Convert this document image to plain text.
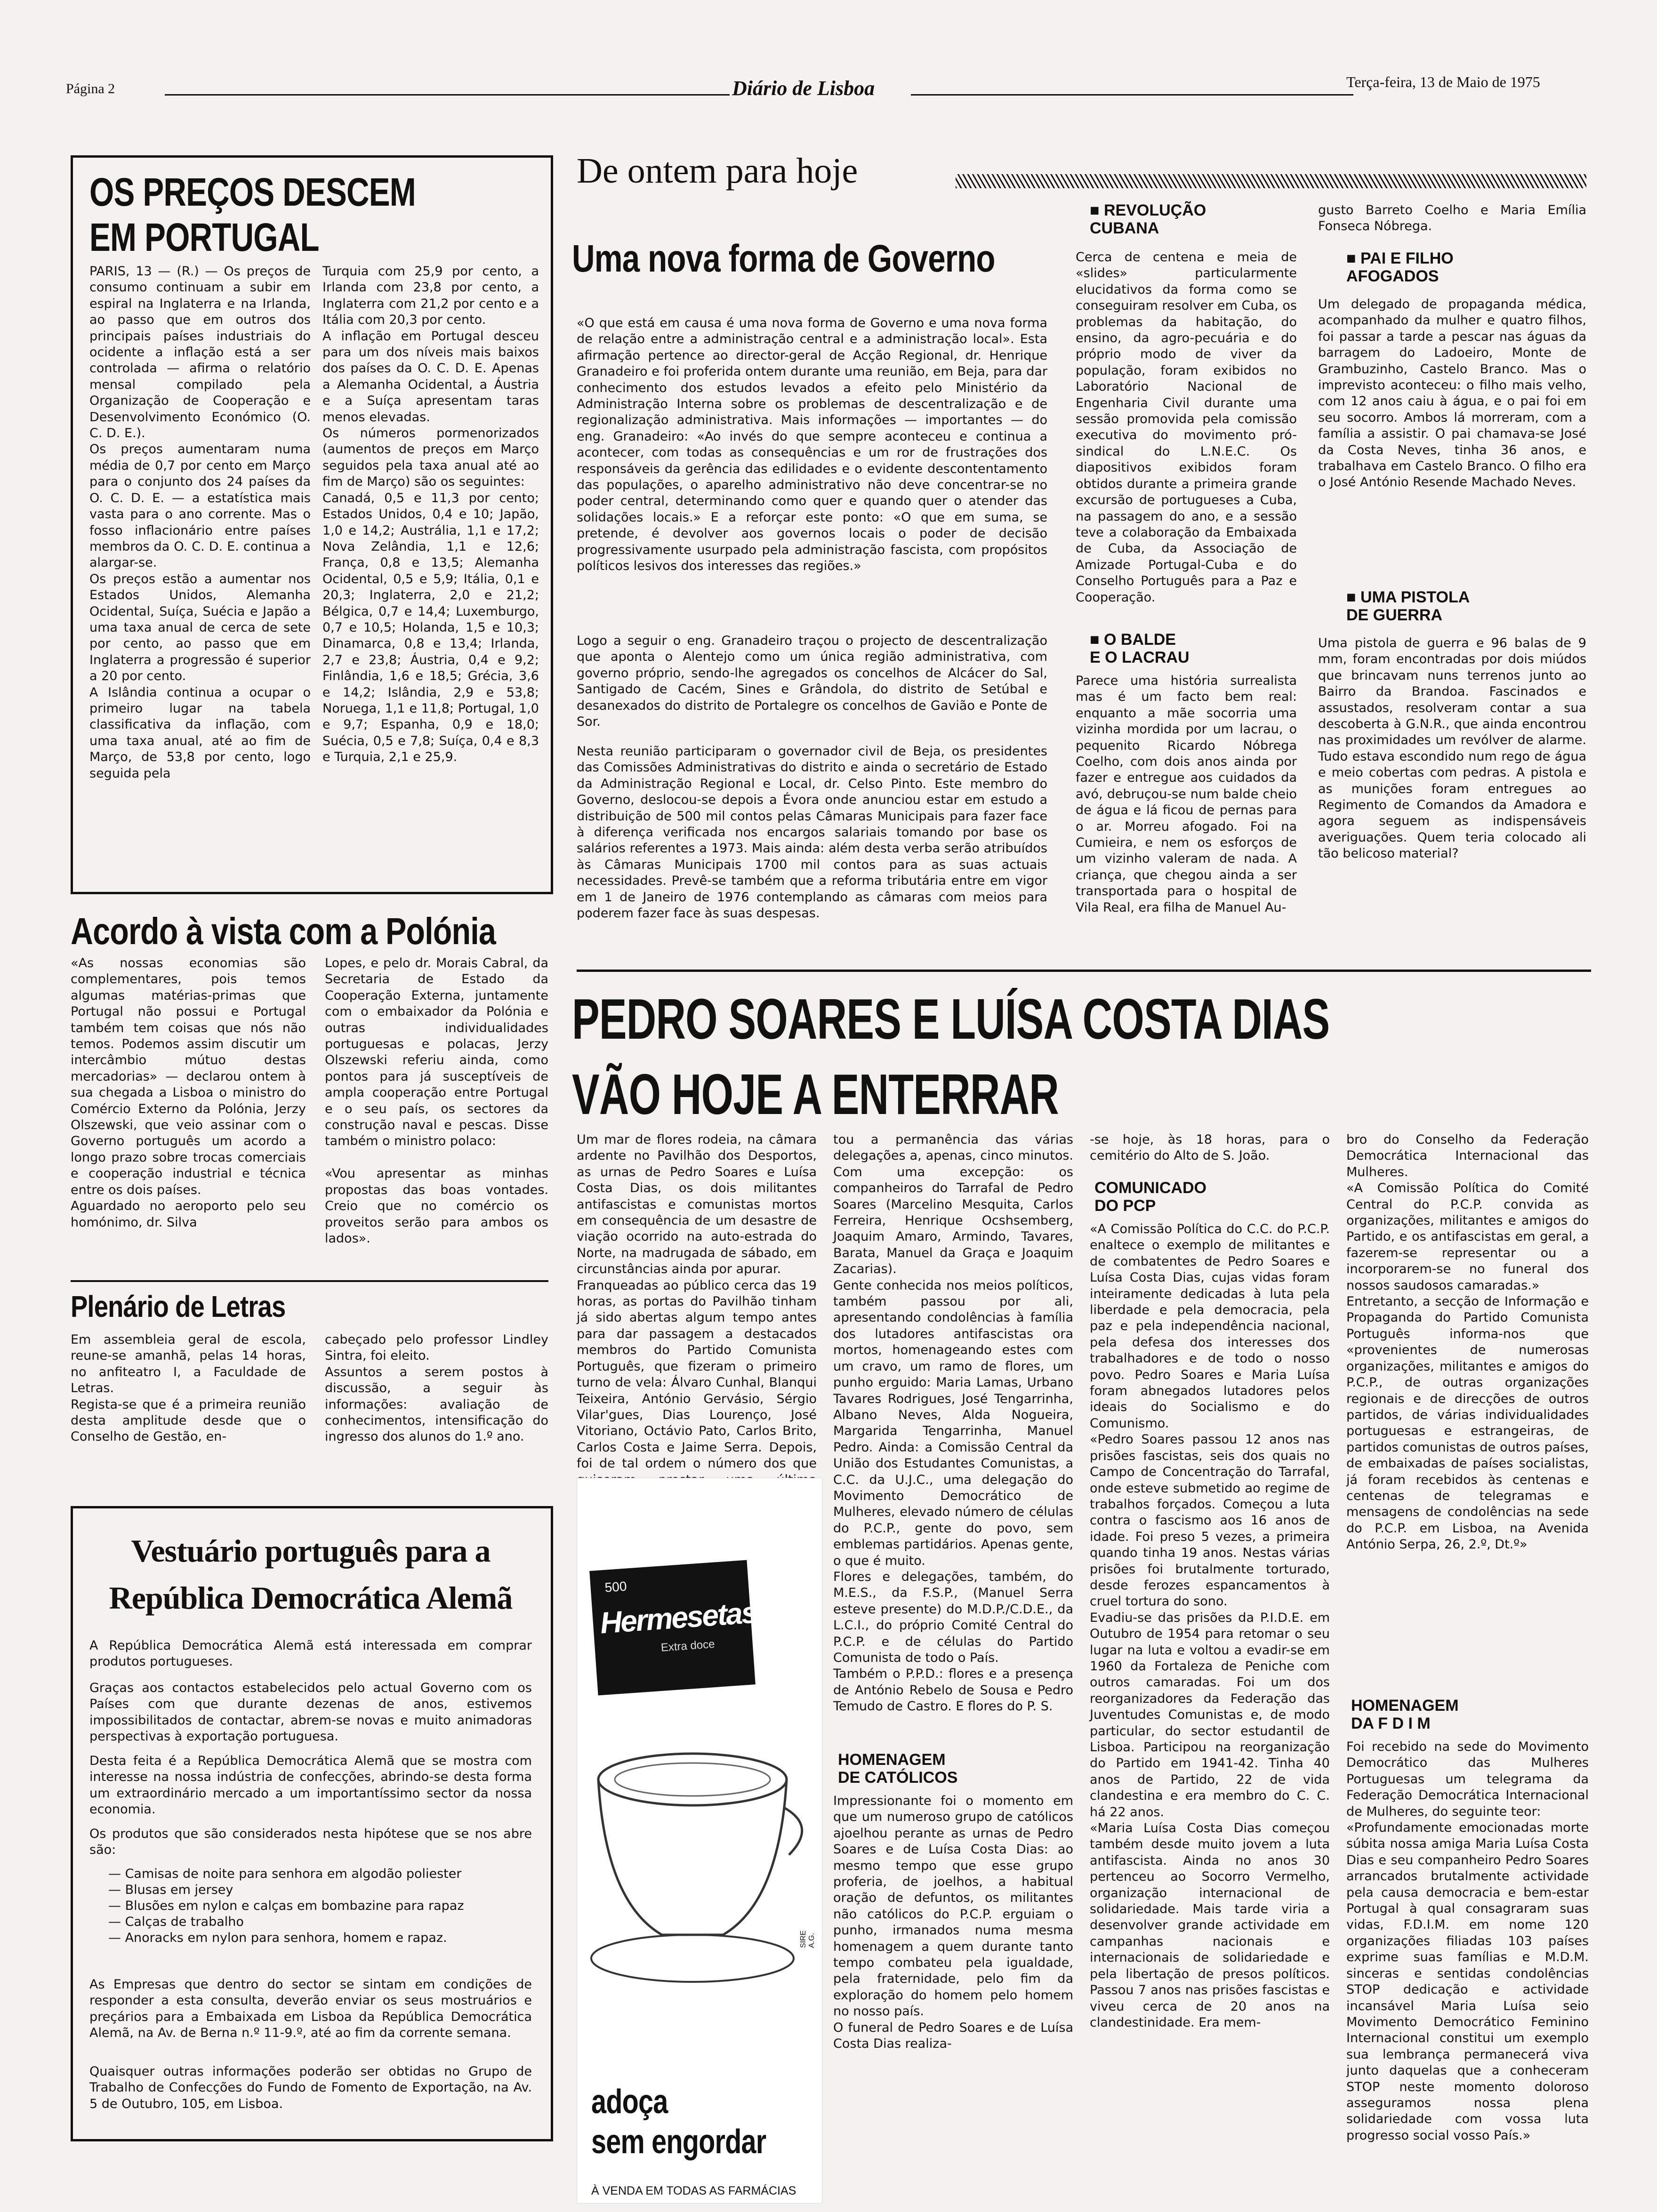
Página 2	Diário de Lisboa	Terça-feira, 13 de Maio de 1975
OS PREÇOS DESCEM
EM PORTUGAL
PARIS, 13 — (R.) — Os preços de consumo continuam a subir em espiral na Inglaterra e na Irlanda, ao passo que em outros dos principais países industriais do ocidente a inflação está a ser controlada — afirma o relatório mensal compilado pela Organização de Cooperação e Desenvolvimento Económico (O. C. D. E.).
Os preços aumentaram numa média de 0,7 por cento em Março para o conjunto dos 24 países da O. C. D. E. — a estatística mais vasta para o ano corrente. Mas o fosso inflacionário entre países membros da O. C. D. E. continua a alargar-se.
Os preços estão a aumentar nos Estados Unidos, Alemanha Ocidental, Suíça, Suécia e Japão a uma taxa anual de cerca de sete por cento, ao passo que em Inglaterra a progressão é superior a 20 por cento.
A Islândia continua a ocupar o primeiro lugar na tabela classificativa da inflação, com uma taxa anual, até ao fim de Março, de 53,8 por cento, logo seguida pela
Turquia com 25,9 por cento, a Irlanda com 23,8 por cento, a Inglaterra com 21,2 por cento e a Itália com 20,3 por cento.
A inflação em Portugal desceu para um dos níveis mais baixos dos países da O. C. D. E. Apenas a Alemanha Ocidental, a Áustria e a Suíça apresentam taras menos elevadas.
Os números pormenorizados (aumentos de preços em Março seguidos pela taxa anual até ao fim de Março) são os seguintes:
Canadá, 0,5 e 11,3 por cento; Estados Unidos, 0,4 e 10; Japão, 1,0 e 14,2; Austrália, 1,1 e 17,2; Nova Zelândia, 1,1 e 12,6; França, 0,8 e 13,5; Alemanha Ocidental, 0,5 e 5,9; Itália, 0,1 e 20,3; Inglaterra, 2,0 e 21,2; Bélgica, 0,7 e 14,4; Luxemburgo, 0,7 e 10,5; Holanda, 1,5 e 10,3; Dinamarca, 0,8 e 13,4; Irlanda, 2,7 e 23,8; Áustria, 0,4 e 9,2; Finlândia, 1,6 e 18,5; Grécia, 3,6 e 14,2; Islândia, 2,9 e 53,8; Noruega, 1,1 e 11,8; Portugal, 1,0 e 9,7; Espanha, 0,9 e 18,0; Suécia, 0,5 e 7,8; Suíça, 0,4 e 8,3 e Turquia, 2,1 e 25,9.
Acordo à vista com a Polónia
«As nossas economias são complementares, pois temos algumas matérias-primas que Portugal não possui e Portugal também tem coisas que nós não temos. Podemos assim discutir um intercâmbio mútuo destas mercadorias» — declarou ontem à sua chegada a Lisboa o ministro do Comércio Externo da Polónia, Jerzy Olszewski, que veio assinar com o Governo português um acordo a longo prazo sobre trocas comerciais e cooperação industrial e técnica entre os dois países.
Aguardado no aeroporto pelo seu homónimo, dr. Silva
Lopes, e pelo dr. Morais Cabral, da Secretaria de Estado da Cooperação Externa, juntamente com o embaixador da Polónia e outras individualidades portuguesas e polacas, Jerzy Olszewski referiu ainda, como pontos para já susceptíveis de ampla cooperação entre Portugal e o seu país, os sectores da construção naval e pescas. Disse também o ministro polaco:

«Vou apresentar as minhas propostas das boas vontades. Creio que no comércio os proveitos serão para ambos os lados».
Plenário de Letras
Em assembleia geral de escola, reune-se amanhã, pelas 14 horas, no anfiteatro I, a Faculdade de Letras.
Regista-se que é a primeira reunião desta amplitude desde que o Conselho de Gestão, en-
cabeçado pelo professor Lindley Sintra, foi eleito.
Assuntos a serem postos à discussão, a seguir às informações: avaliação de conhecimentos, intensificação do ingresso dos alunos do 1.º ano.
Vestuário português para a
República Democrática Alemã
A República Democrática Alemã está interessada em comprar produtos portugueses.
Graças aos contactos estabelecidos pelo actual Governo com os Países com que durante dezenas de anos, estivemos impossibilitados de contactar, abrem-se novas e muito animadoras perspectivas à exportação portuguesa.
Desta feita é a República Democrática Alemã que se mostra com interesse na nossa indústria de confecções, abrindo-se desta forma um extraordinário mercado a um importantíssimo sector da nossa economia.
Os produtos que são considerados nesta hipótese que se nos abre são:
— Camisas de noite para senhora em algodão poliester
— Blusas em jersey
— Blusões em nylon e calças em bombazine para rapaz
— Calças de trabalho
— Anoracks em nylon para senhora, homem e rapaz.
As Empresas que dentro do sector se sintam em condições de responder a esta consulta, deverão enviar os seus mostruários e preçários para a Embaixada em Lisboa da República Democrática Alemã, na Av. de Berna n.º 11-9.º, até ao fim da corrente semana.
Quaisquer outras informações poderão ser obtidas no Grupo de Trabalho de Confecções do Fundo de Fomento de Exportação, na Av. 5 de Outubro, 105, em Lisboa.
De ontem para hoje
Uma nova forma de Governo
«O que está em causa é uma nova forma de Governo e uma nova forma de relação entre a administração central e a administração local». Esta afirmação pertence ao director-geral de Acção Regional, dr. Henrique Granadeiro e foi proferida ontem durante uma reunião, em Beja, para dar conhecimento dos estudos levados a efeito pelo Ministério da Administração Interna sobre os problemas de descentralização e de regionalização administrativa. Mais informações — importantes — do eng. Granadeiro: «Ao invés do que sempre aconteceu e continua a acontecer, com todas as consequências e um ror de frustrações dos responsáveis da gerência das edilidades e o evidente descontentamento das populações, o aparelho administrativo não deve concentrar-se no poder central, determinando como quer e quando quer o atender das solidações locais.» E a reforçar este ponto: «O que em suma, se pretende, é devolver aos governos locais o poder de decisão progressivamente usurpado pela administração fascista, com propósitos políticos lesivos dos interesses das regiões.»
Logo a seguir o eng. Granadeiro traçou o projecto de descentralização que aponta o Alentejo como um única região administrativa, com governo próprio, sendo-lhe agregados os concelhos de Alcácer do Sal, Santigado de Cacém, Sines e Grândola, do distrito de Setúbal e desanexados do distrito de Portalegre os concelhos de Gavião e Ponte de Sor.
Nesta reunião participaram o governador civil de Beja, os presidentes das Comissões Administrativas do distrito e ainda o secretário de Estado da Administração Regional e Local, dr. Celso Pinto. Este membro do Governo, deslocou-se depois a Évora onde anunciou estar em estudo a distribuição de 500 mil contos pelas Câmaras Municipais para fazer face à diferença verificada nos encargos salariais tomando por base os salários referentes a 1973. Mais ainda: além desta verba serão atribuídos às Câmaras Municipais 1700 mil contos para as suas actuais necessidades. Prevê-se também que a reforma tributária entre em vigor em 1 de Janeiro de 1976 contemplando as câmaras com meios para poderem fazer face às suas despesas.
■ REVOLUÇÃO
CUBANA
Cerca de centena e meia de «slides» particularmente elucidativos da forma como se conseguiram resolver em Cuba, os problemas da habitação, do ensino, da agro-pecuária e do próprio modo de viver da população, foram exibidos no Laboratório Nacional de Engenharia Civil durante uma sessão promovida pela comissão executiva do movimento pró-sindical do L.N.E.C. Os diapositivos exibidos foram obtidos durante a primeira grande excursão de portugueses a Cuba, na passagem do ano, e a sessão teve a colaboração da Embaixada de Cuba, da Associação de Amizade Portugal-Cuba e do Conselho Português para a Paz e Cooperação.
■ O BALDE
E O LACRAU
Parece uma história surrealista mas é um facto bem real: enquanto a mãe socorria uma vizinha mordida por um lacrau, o pequenito Ricardo Nóbrega Coelho, com dois anos ainda por fazer e entregue aos cuidados da avó, debruçou-se num balde cheio de água e lá ficou de pernas para o ar. Morreu afogado. Foi na Cumieira, e nem os esforços de um vizinho valeram de nada. A criança, que chegou ainda a ser transportada para o hospital de Vila Real, era filha de Manuel Au-
gusto Barreto Coelho e Maria Emília Fonseca Nóbrega.
■ PAI E FILHO
AFOGADOS
Um delegado de propaganda médica, acompanhado da mulher e quatro filhos, foi passar a tarde a pescar nas águas da barragem do Ladoeiro, Monte de Grambuzinho, Castelo Branco. Mas o imprevisto aconteceu: o filho mais velho, com 12 anos caiu à água, e o pai foi em seu socorro. Ambos lá morreram, com a família a assistir. O pai chamava-se José da Costa Neves, tinha 36 anos, e trabalhava em Castelo Branco. O filho era o José António Resende Machado Neves.
■ UMA PISTOLA
DE GUERRA
Uma pistola de guerra e 96 balas de 9 mm, foram encontradas por dois miúdos que brincavam nuns terrenos junto ao Bairro da Brandoa. Fascinados e assustados, resolveram contar a sua descoberta à G.N.R., que ainda encontrou nas proximidades um revólver de alarme. Tudo estava escondido num rego de água e meio cobertas com pedras. A pistola e as munições foram entregues ao Regimento de Comandos da Amadora e agora seguem as indispensáveis averiguações. Quem teria colocado ali tão belicoso material?
PEDRO SOARES E LUÍSA COSTA DIAS
VÃO HOJE A ENTERRAR
Um mar de flores rodeia, na câmara ardente no Pavilhão dos Desportos, as urnas de Pedro Soares e Luísa Costa Dias, os dois militantes antifascistas e comunistas mortos em consequência de um desastre de viação ocorrido na auto-estrada do Norte, na madrugada de sábado, em circunstâncias ainda por apurar.
Franqueadas ao público cerca das 19 horas, as portas do Pavilhão tinham já sido abertas algum tempo antes para dar passagem a destacados membros do Partido Comunista Português, que fizeram o primeiro turno de vela: Álvaro Cunhal, Blanqui Teixeira, António Gervásio, Sérgio Vilar'gues, Dias Lourenço, José Vitoriano, Octávio Pato, Carlos Brito, Carlos Costa e Jaime Serra. Depois, foi de tal ordem o número dos que
500
Hermesetas
Extra doce
SIRE A.G.
adoça
sem engordar
À VENDA EM TODAS AS FARMÁCIAS
tou a permanência das várias delegações a, apenas, cinco minutos. Com uma excepção: os companheiros do Tarrafal de Pedro Soares (Marcelino Mesquita, Carlos Ferreira, Henrique Ocshsemberg, Joaquim Amaro, Armindo, Tavares, Barata, Manuel da Graça e Joaquim Zacarias).
Gente conhecida nos meios políticos, também passou por ali, apresentando condolências à família dos lutadores antifascistas ora mortos, homenageando estes com um cravo, um ramo de flores, um punho erguido: Maria Lamas, Urbano Tavares Rodrigues, José Tengarrinha, Albano Neves, Alda Nogueira, Margarida Tengarrinha, Manuel Pedro. Ainda: a Comissão Central da União dos Estudantes Comunistas, a C.C. da U.J.C., uma delegação do Movimento Democrático de Mulheres, elevado número de células do P.C.P., gente do povo, sem emblemas partidários. Apenas gente, o que é muito.
Flores e delegações, também, do M.E.S., da F.S.P., (Manuel Serra esteve presente) do M.D.P./C.D.E., da L.C.I., do próprio Comité Central do P.C.P. e de células do Partido Comunista de todo o País.
Também o P.P.D.: flores e a presença de António Rebelo de Sousa e Pedro Temudo de Castro. E flores do P. S.
HOMENAGEM
DE CATÓLICOS
Impressionante foi o momento em que um numeroso grupo de católicos ajoelhou perante as urnas de Pedro Soares e de Luísa Costa Dias: ao mesmo tempo que esse grupo proferia, de joelhos, a habitual oração de defuntos, os militantes não católicos do P.C.P. erguiam o punho, irmanados numa mesma homenagem a quem durante tanto tempo combateu pela igualdade, pela fraternidade, pelo fim da exploração do homem pelo homem no nosso país.
O funeral de Pedro Soares e de Luísa Costa Dias realiza-
-se hoje, às 18 horas, para o cemitério do Alto de S. João.
COMUNICADO
DO PCP
«A Comissão Política do C.C. do P.C.P. enaltece o exemplo de militantes e de combatentes de Pedro Soares e Luísa Costa Dias, cujas vidas foram inteiramente dedicadas à luta pela liberdade e pela democracia, pela paz e pela independência nacional, pela defesa dos interesses dos trabalhadores e de todo o nosso povo. Pedro Soares e Maria Luísa foram abnegados lutadores pelos ideais do Socialismo e do Comunismo.
«Pedro Soares passou 12 anos nas prisões fascistas, seis dos quais no Campo de Concentração do Tarrafal, onde esteve submetido ao regime de trabalhos forçados. Começou a luta contra o fascismo aos 16 anos de idade. Foi preso 5 vezes, a primeira quando tinha 19 anos. Nestas várias prisões foi brutalmente torturado, desde ferozes espancamentos à cruel tortura do sono.
Evadiu-se das prisões da P.I.D.E. em Outubro de 1954 para retomar o seu lugar na luta e voltou a evadir-se em 1960 da Fortaleza de Peniche com outros camaradas. Foi um dos reorganizadores da Federação das Juventudes Comunistas e, de modo particular, do sector estudantil de Lisboa. Participou na reorganização do Partido em 1941-42. Tinha 40 anos de Partido, 22 de vida clandestina e era membro do C. C. há 22 anos.
«Maria Luísa Costa Dias começou também desde muito jovem a luta antifascista. Ainda no anos 30 pertenceu ao Socorro Vermelho, organização internacional de solidariedade. Mais tarde viria a desenvolver grande actividade em campanhas nacionais e internacionais de solidariedade e pela libertação de presos políticos. Passou 7 anos nas prisões fascistas e viveu cerca de 20 anos na clandestinidade. Era mem-
bro do Conselho da Federação Democrática Internacional das Mulheres.
«A Comissão Política do Comité Central do P.C.P. convida as organizações, militantes e amigos do Partido, e os antifascistas em geral, a fazerem-se representar ou a incorporarem-se no funeral dos nossos saudosos camaradas.»
Entretanto, a secção de Informação e Propaganda do Partido Comunista Português informa-nos que «provenientes de numerosas organizações, militantes e amigos do P.C.P., de outras organizações regionais e de direcções de outros partidos, de várias individualidades portuguesas e estrangeiras, de partidos comunistas de outros países, de embaixadas de países socialistas, já foram recebidos às centenas e centenas de telegramas e mensagens de condolências na sede do P.C.P. em Lisboa, na Avenida António Serpa, 26, 2.º, Dt.º»
HOMENAGEM
DA F D I M
Foi recebido na sede do Movimento Democrático das Mulheres Portuguesas um telegrama da Federação Democrática Internacional de Mulheres, do seguinte teor:
«Profundamente emocionadas morte súbita nossa amiga Maria Luísa Costa Dias e seu companheiro Pedro Soares arrancados brutalmente actividade pela causa democracia e bem-estar Portugal à qual consagraram suas vidas, F.D.I.M. em nome 120 organizações filiadas 103 países exprime suas famílias e M.D.M. sinceras e sentidas condolências STOP dedicação e actividade incansável Maria Luísa seio Movimento Democrático Feminino Internacional constitui um exemplo sua lembrança permanecerá viva junto daquelas que a conheceram STOP neste momento doloroso asseguramos nossa plena solidariedade com vossa luta progresso social vosso País.»
